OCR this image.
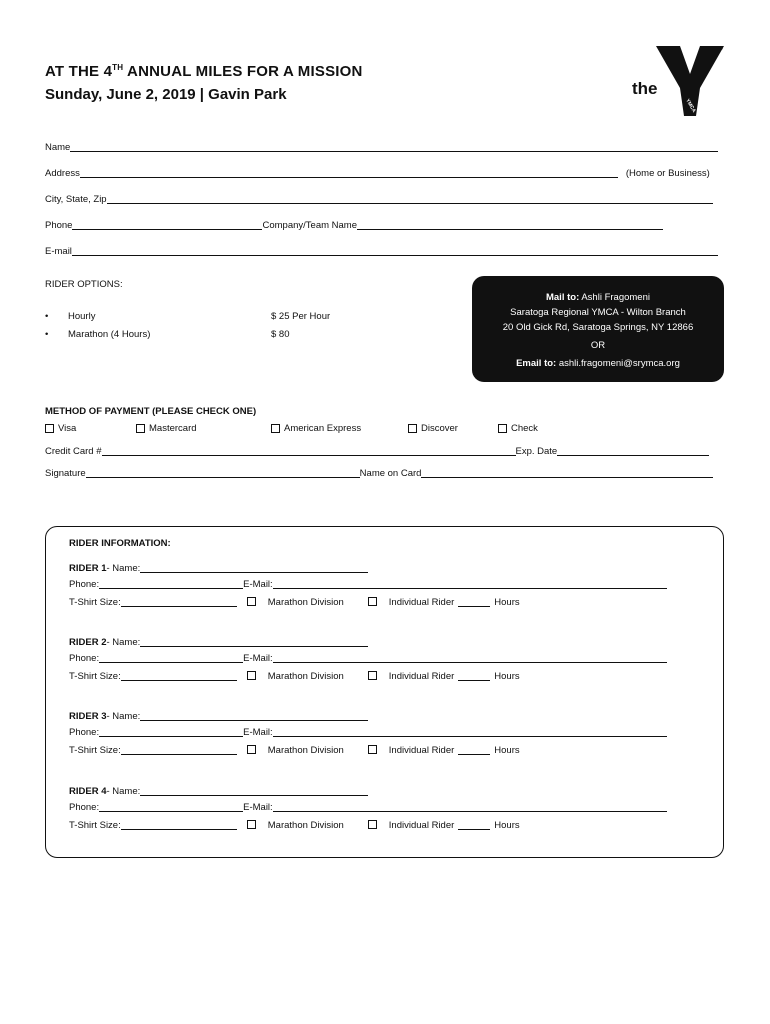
AT THE 4TH ANNUAL MILES FOR A MISSION
Sunday, June 2, 2019 | Gavin Park	the
YMCA
®
Name
Address	(Home or Business)
City, State, Zip
Phone	Company/Team Name
E-mail
RIDER OPTIONS:
• Hourly	$ 25 Per Hour
• Marathon (4 Hours)	$ 80
Mail to: Ashli Fragomeni
Saratoga Regional YMCA - Wilton Branch
20 Old Gick Rd, Saratoga Springs, NY 12866
OR
Email to: ashli.fragomeni@srymca.org
METHOD OF PAYMENT (PLEASE CHECK ONE)
Visa	Mastercard	American Express	Discover	Check
Credit Card #	Exp. Date
Signature	Name on Card
RIDER INFORMATION:
RIDER 1 - Name:
Phone:	E-Mail:
T-Shirt Size:	Marathon Division	Individual Rider	Hours
RIDER 2 - Name:
Phone:	E-Mail:
T-Shirt Size:	Marathon Division	Individual Rider	Hours
RIDER 3 - Name:
Phone:	E-Mail:
T-Shirt Size:	Marathon Division	Individual Rider	Hours
RIDER 4 - Name:
Phone:	E-Mail:
T-Shirt Size:	Marathon Division	Individual Rider	Hours
